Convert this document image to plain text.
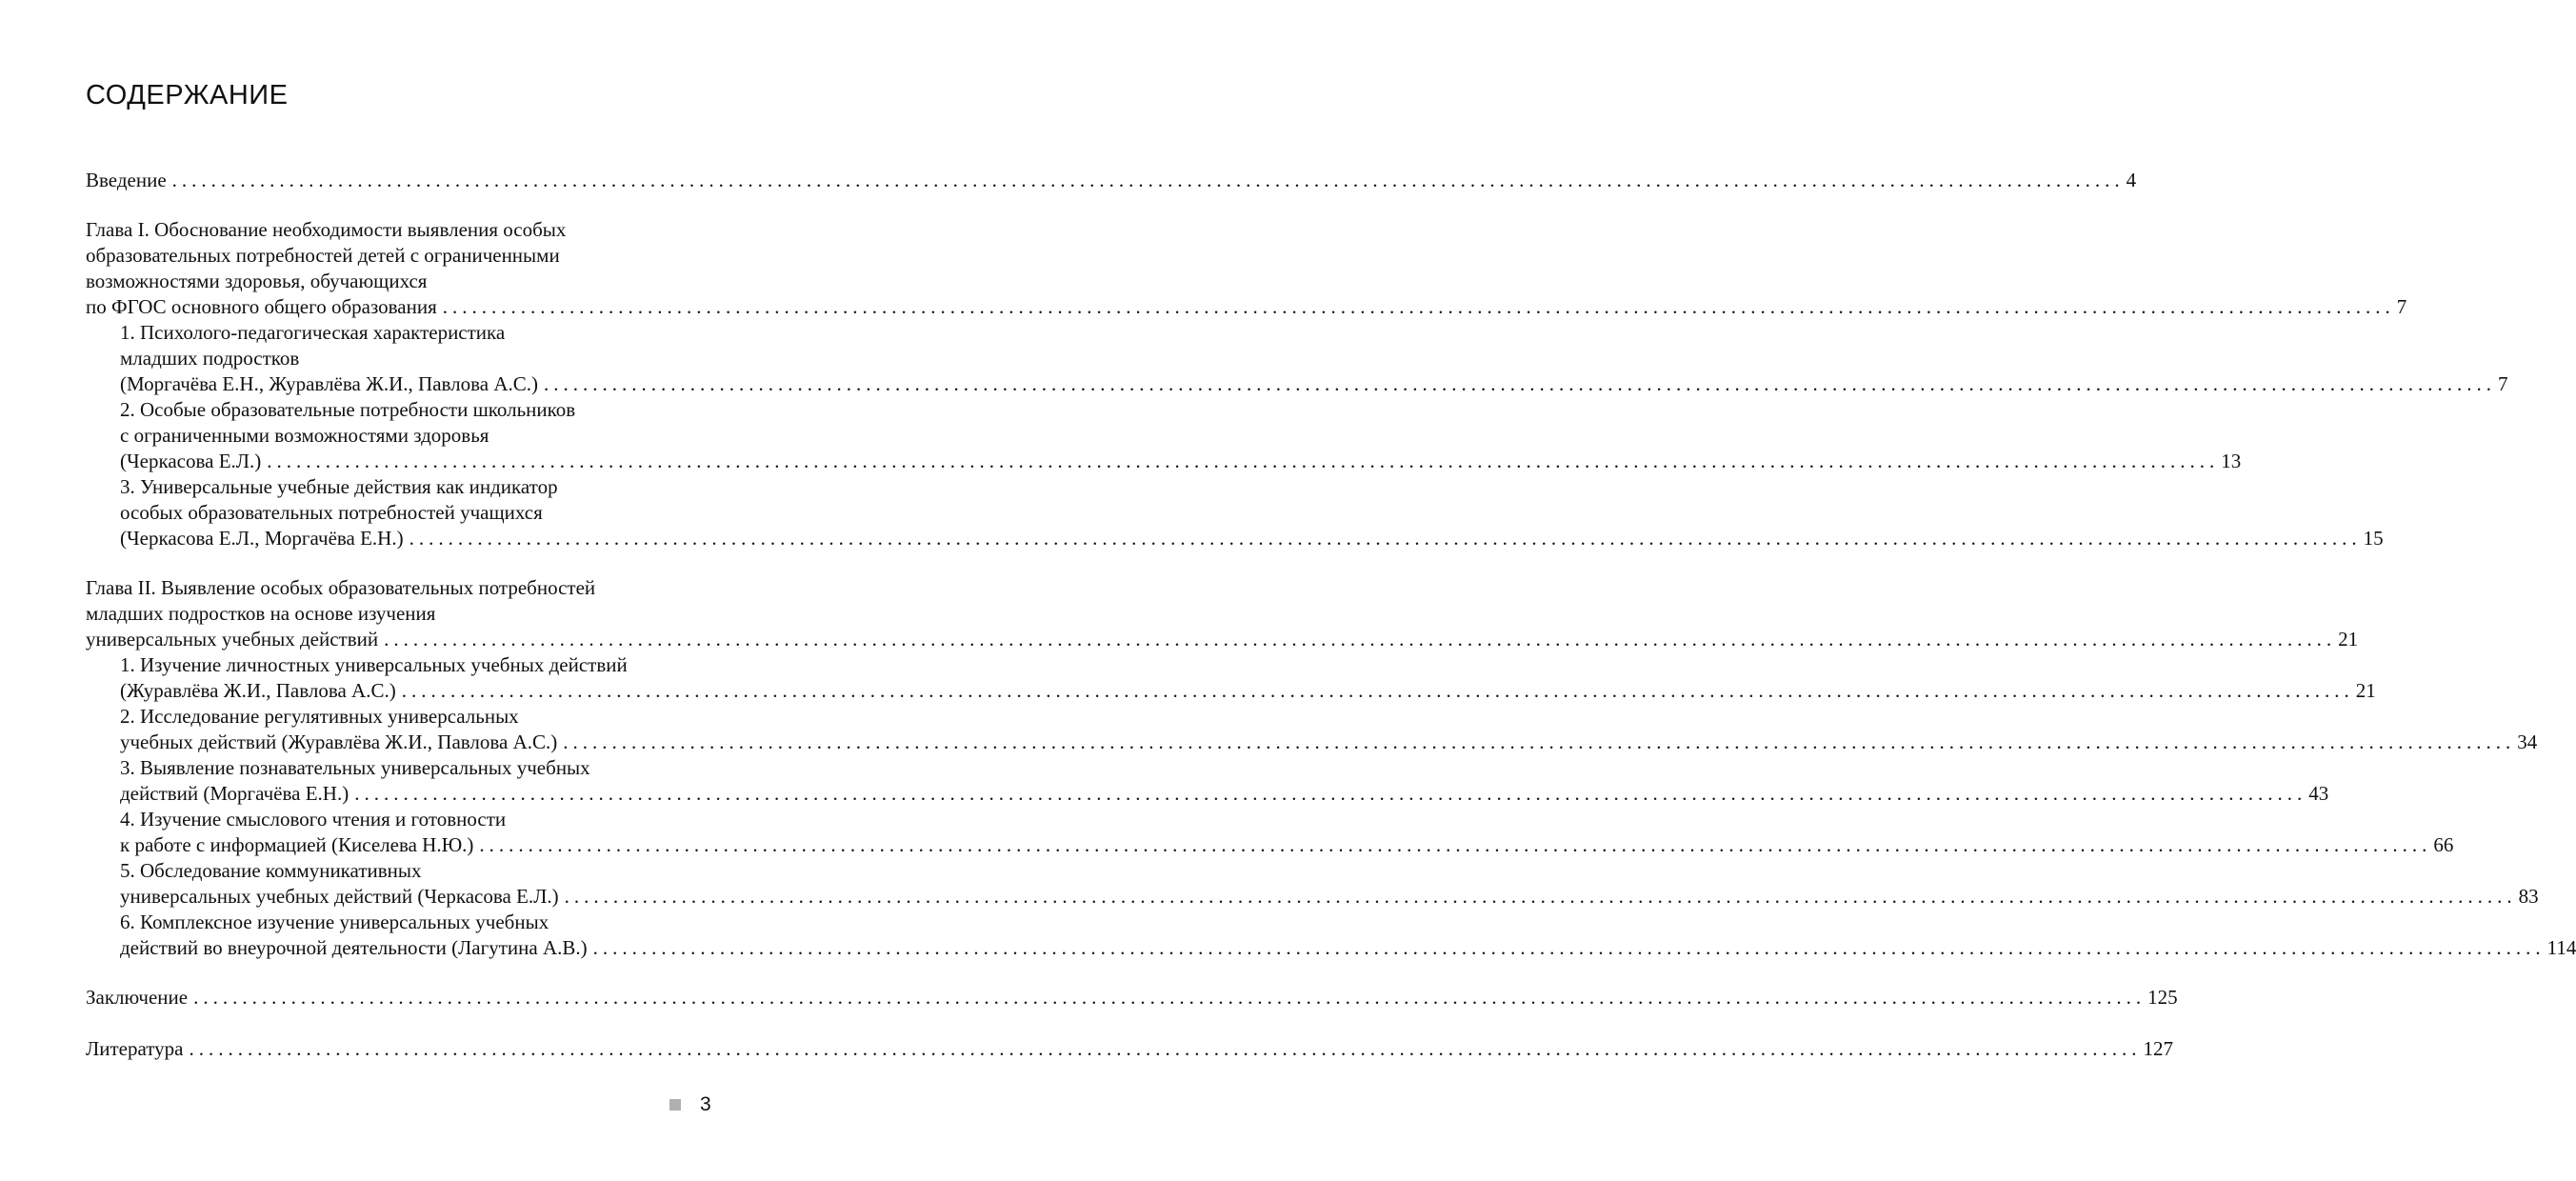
СОДЕРЖАНИЕ
Введение ........................................................................................................................................................................................................ 4
Глава I. Обоснование необходимости выявления особых
образовательных потребностей детей с ограниченными
возможностями здоровья, обучающихся
по ФГОС основного общего образования ........................................................................................................................................................................................................ 7
1. Психолого-педагогическая характеристика
младших подростков
(Моргачёва Е.Н., Журавлёва Ж.И., Павлова А.С.) ........................................................................................................................................................................................................ 7
2. Особые образовательные потребности школьников
с ограниченными возможностями здоровья
(Черкасова Е.Л.) ........................................................................................................................................................................................................ 13
3. Универсальные учебные действия как индикатор
особых образовательных потребностей учащихся
(Черкасова Е.Л., Моргачёва Е.Н.) ........................................................................................................................................................................................................ 15
Глава II. Выявление особых образовательных потребностей
младших подростков на основе изучения
универсальных учебных действий ........................................................................................................................................................................................................ 21
1. Изучение личностных универсальных учебных действий
(Журавлёва Ж.И., Павлова А.С.) ........................................................................................................................................................................................................ 21
2. Исследование регулятивных универсальных
учебных действий (Журавлёва Ж.И., Павлова А.С.) ........................................................................................................................................................................................................ 34
3. Выявление познавательных универсальных учебных
действий (Моргачёва Е.Н.) ........................................................................................................................................................................................................ 43
4. Изучение смыслового чтения и готовности
к работе с информацией (Киселева Н.Ю.) ........................................................................................................................................................................................................ 66
5. Обследование коммуникативных
универсальных учебных действий (Черкасова Е.Л.) ........................................................................................................................................................................................................ 83
6. Комплексное изучение универсальных учебных
действий во внеурочной деятельности (Лагутина А.В.) ........................................................................................................................................................................................................ 114
Заключение ........................................................................................................................................................................................................ 125
Литература ........................................................................................................................................................................................................ 127
3
